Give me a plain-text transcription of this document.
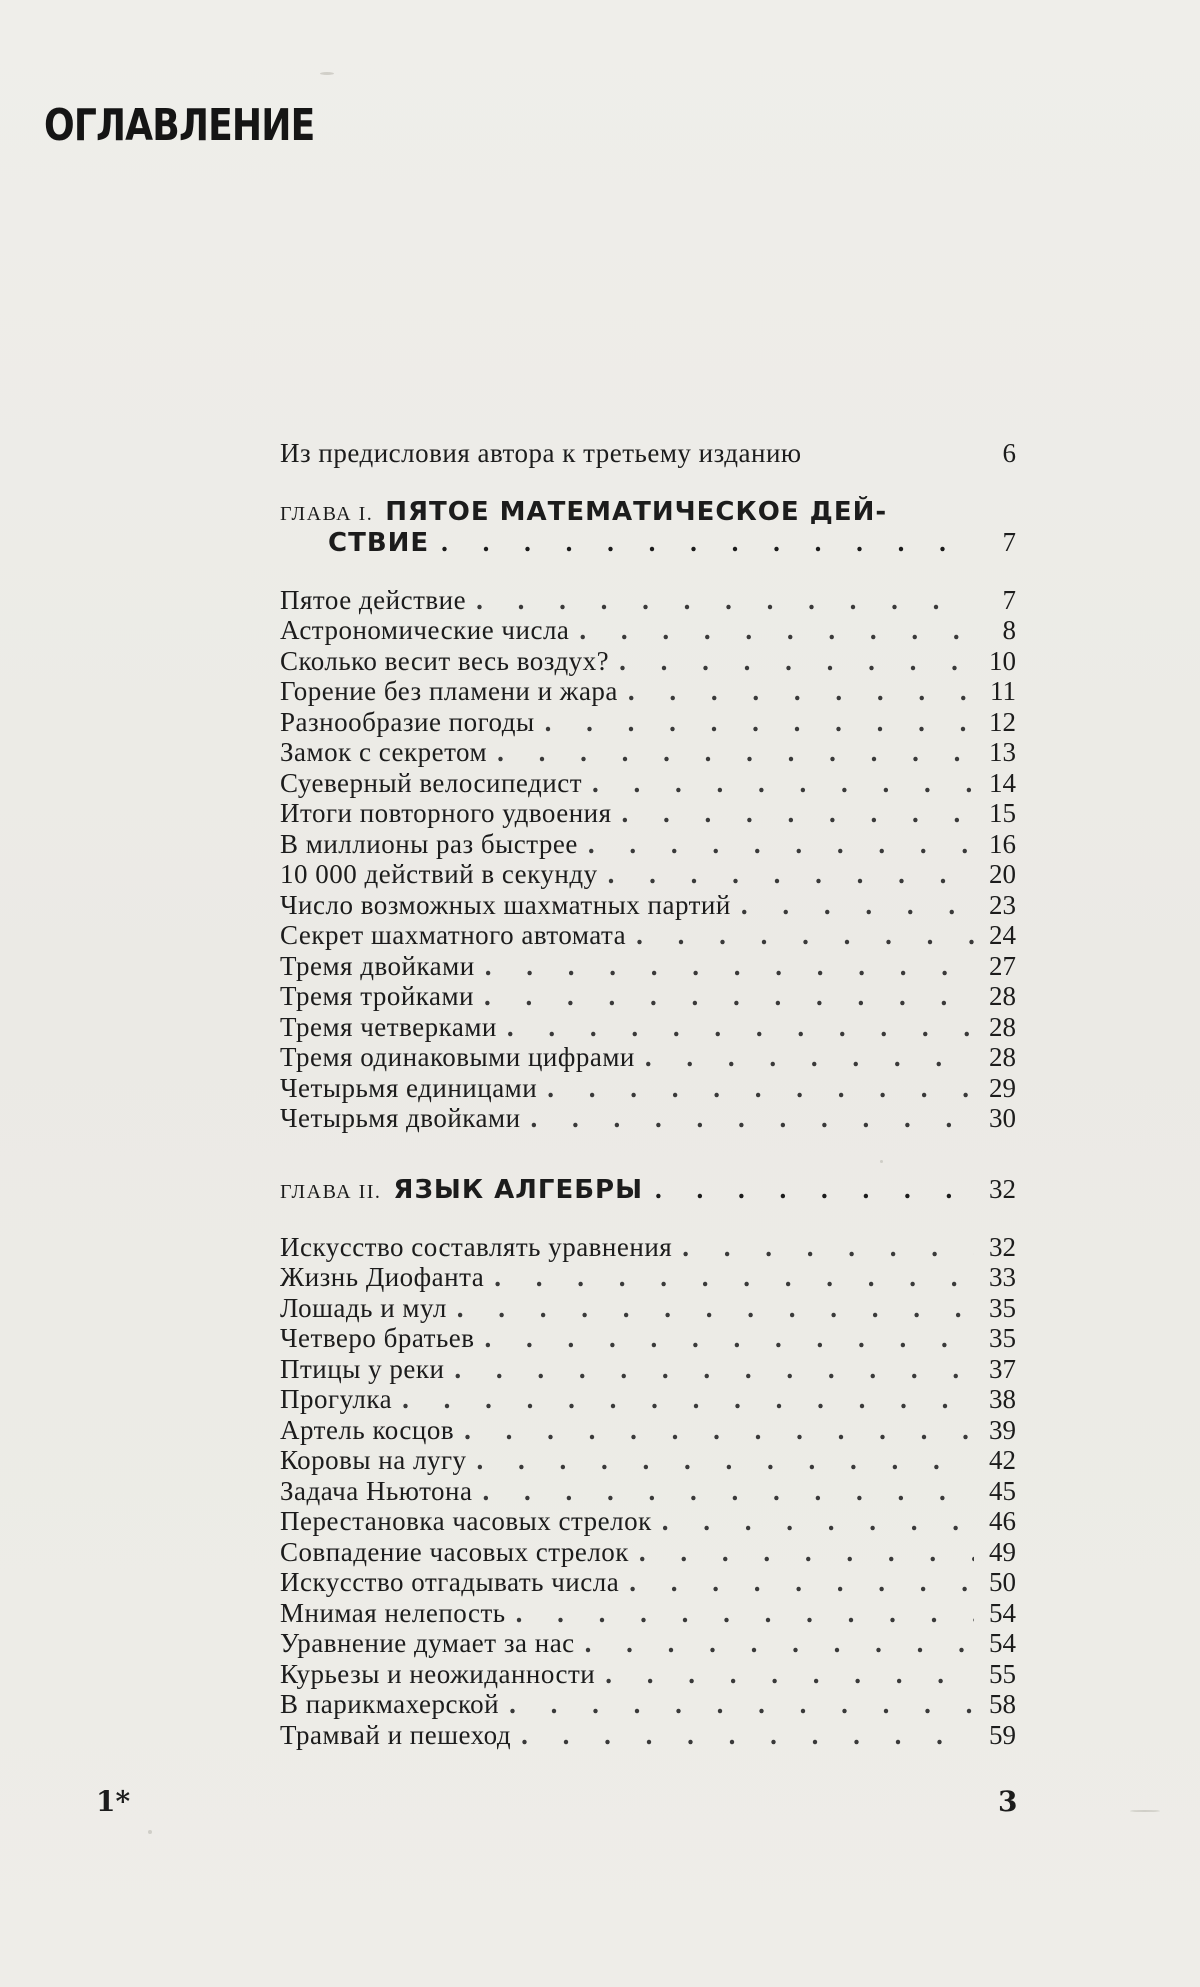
ОГЛАВЛЕНИЕ
Из предисловия автора к третьему изданию	6
ГЛАВА I. ПЯТОЕ МАТЕМАТИЧЕСКОЕ ДЕЙ-
СТВИЕ . . .	7
Пятое действие . . .	7
Астрономические числа . . .	8
Сколько весит весь воздух? . . .	10
Горение без пламени и жара . . .	11
Разнообразие погоды . . .	12
Замок с секретом . . .	13
Суеверный велосипедист . . .	14
Итоги повторного удвоения . . .	15
В миллионы раз быстрее . . .	16
10 000 действий в секунду . . .	20
Число возможных шахматных партий . . .	23
Секрет шахматного автомата . . .	24
Тремя двойками . . .	27
Тремя тройками . . .	28
Тремя четверками . . .	28
Тремя одинаковыми цифрами . . .	28
Четырьмя единицами . . .	29
Четырьмя двойками . . .	30
ГЛАВА II. ЯЗЫК АЛГЕБРЫ . . .	32
Искусство составлять уравнения . . .	32
Жизнь Диофанта . . .	33
Лошадь и мул . . .	35
Четверо братьев . . .	35
Птицы у реки . . .	37
Прогулка . . .	38
Артель косцов . . .	39
Коровы на лугу . . .	42
Задача Ньютона . . .	45
Перестановка часовых стрелок . . .	46
Совпадение часовых стрелок . . .	49
Искусство отгадывать числа . . .	50
Мнимая нелепость . . .	54
Уравнение думает за нас . . .	54
Курьезы и неожиданности . . .	55
В парикмахерской . . .	58
Трамвай и пешеход . . .	59
1*	3
